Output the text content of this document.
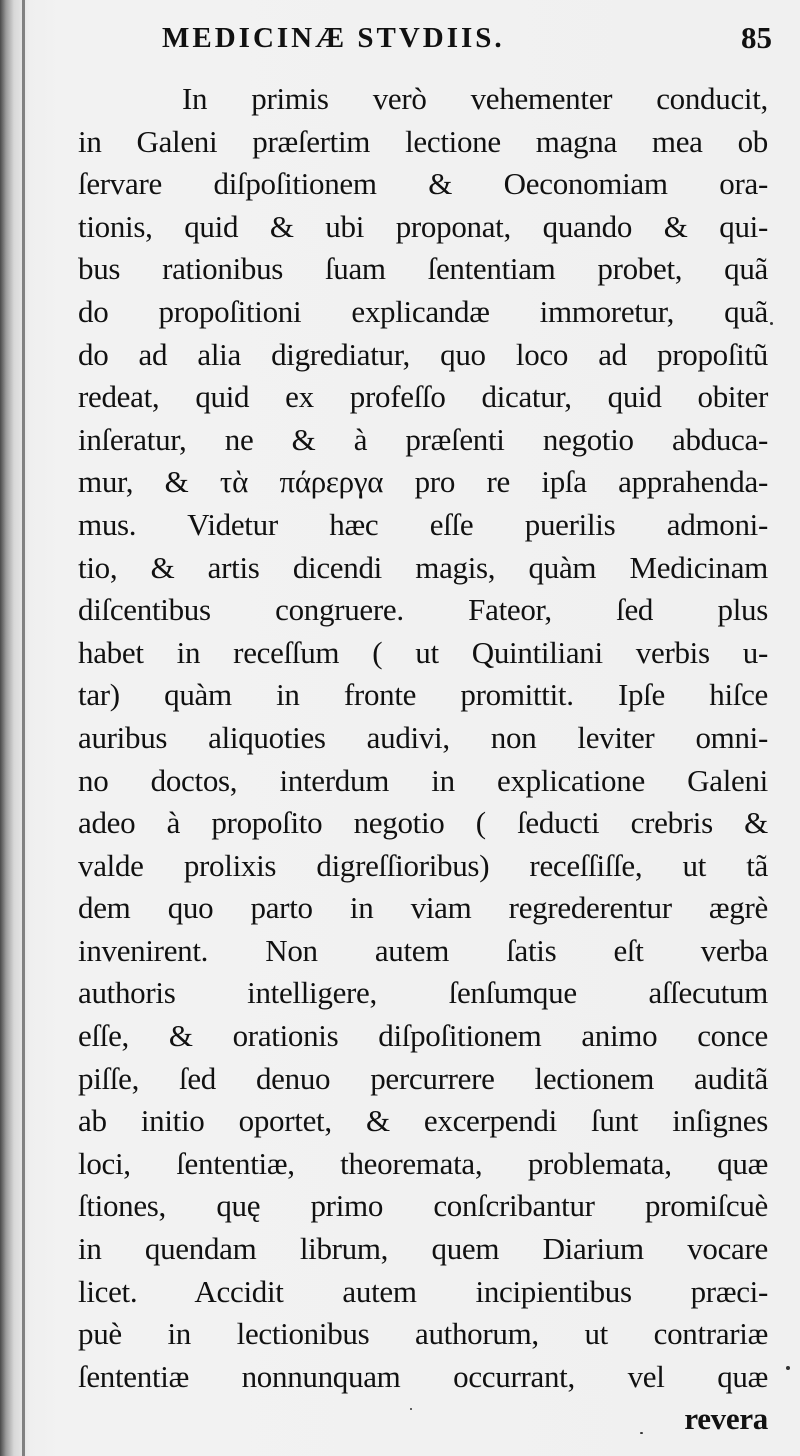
MEDICINÆ STVDIIS.	85
In primis verò vehementer conducit,
in Galeni præſertim lectione magna mea ob
ſervare diſpoſitionem & Oeconomiam ora-
tionis, quid & ubi proponat, quando & qui-
bus rationibus ſuam ſententiam probet, quã
do propoſitioni explicandæ immoretur, quã
do ad alia digrediatur, quo loco ad propoſitũ
redeat, quid ex profeſſo dicatur, quid obiter
inſeratur, ne & à præſenti negotio abduca-
mur, & τὰ πάρεργα pro re ipſa apprahenda-
mus. Videtur hæc eſſe puerilis admoni-
tio, & artis dicendi magis, quàm Medicinam
diſcentibus congruere. Fateor, ſed plus
habet in receſſum ( ut Quintiliani verbis u-
tar) quàm in fronte promittit. Ipſe hiſce
auribus aliquoties audivi, non leviter omni-
no doctos, interdum in explicatione Galeni
adeo à propoſito negotio ( ſeducti crebris &
valde prolixis digreſſioribus) receſſiſſe, ut tã
dem quo parto in viam regrederentur ægrè
invenirent. Non autem ſatis eſt verba
authoris intelligere, ſenſumque aſſecutum
eſſe, & orationis diſpoſitionem animo conce
piſſe, ſed denuo percurrere lectionem auditã
ab initio oportet, & excerpendi ſunt inſignes
loci, ſententiæ, theoremata, problemata, quæ
ſtiones, quę primo conſcribantur promiſcuè
in quendam librum, quem Diarium vocare
licet. Accidit autem incipientibus præci-
puè in lectionibus authorum, ut contrariæ
ſententiæ nonnunquam occurrant, vel quæ
revera
